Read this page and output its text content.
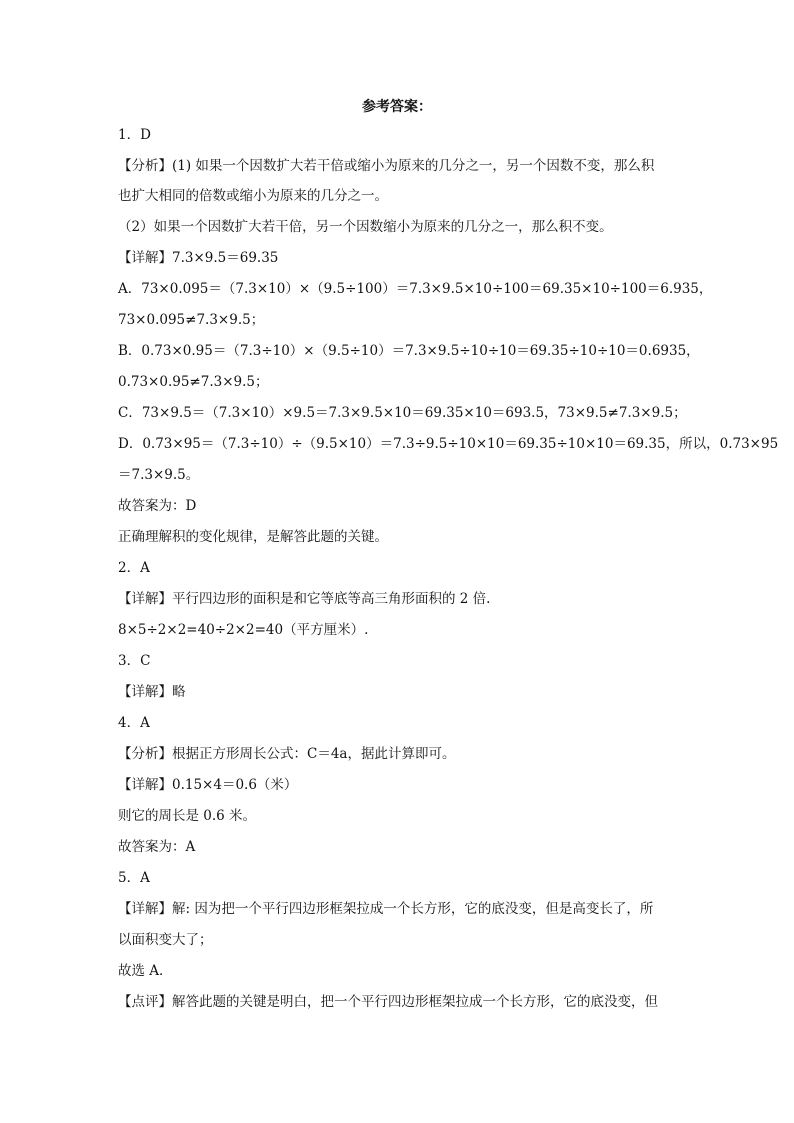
参考答案：
1．D
【分析】(1) 如果一个因数扩大若干倍或缩小为原来的几分之一，另一个因数不变，那么积
也扩大相同的倍数或缩小为原来的几分之一。
（2）如果一个因数扩大若干倍，另一个因数缩小为原来的几分之一，那么积不变。
【详解】7.3×9.5＝69.35
A．73×0.095＝（7.3×10）×（9.5÷100）＝7.3×9.5×10÷100＝69.35×10÷100＝6.935，
73×0.095≠7.3×9.5；
B．0.73×0.95＝（7.3÷10）×（9.5÷10）＝7.3×9.5÷10÷10＝69.35÷10÷10＝0.6935，
0.73×0.95≠7.3×9.5；
C．73×9.5＝（7.3×10）×9.5＝7.3×9.5×10＝69.35×10＝693.5，73×9.5≠7.3×9.5；
D．0.73×95＝（7.3÷10）÷（9.5×10）＝7.3÷9.5÷10×10＝69.35÷10×10＝69.35，所以，0.73×95
＝7.3×9.5。
故答案为：D
正确理解积的变化规律，是解答此题的关键。
2．A
【详解】平行四边形的面积是和它等底等高三角形面积的 2 倍.
8×5÷2×2=40÷2×2=40（平方厘米）.
3．C
【详解】略
4．A
【分析】根据正方形周长公式：C＝4a，据此计算即可。
【详解】0.15×4＝0.6（米）
则它的周长是 0.6 米。
故答案为：A
5．A
【详解】解: 因为把一个平行四边形框架拉成一个长方形，它的底没变，但是高变长了，所
以面积变大了；
故选 A．
【点评】解答此题的关键是明白，把一个平行四边形框架拉成一个长方形，它的底没变，但
